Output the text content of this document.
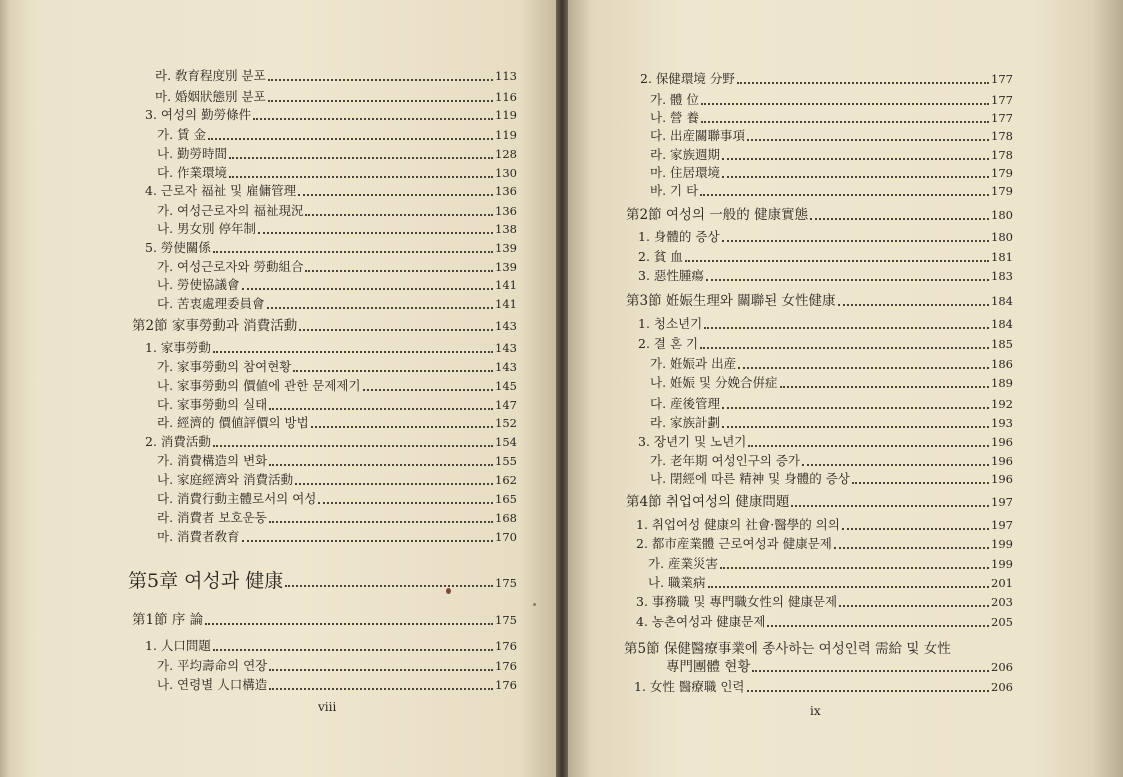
라. 敎育程度別 분포	113
마. 婚姻狀態別 분포	116
3. 여성의 勤勞條件	119
가. 賃 金	119
나. 勤勞時間	128
다. 作業環境	130
4. 근로자 福祉 및 雇傭管理	136
가. 여성근로자의 福祉現況	136
나. 男女別 停年制	138
5. 勞使關係	139
가. 여성근로자와 勞動組合	139
나. 勞使協議會	141
다. 苦衷處理委員會	141
第2節 家事勞動과 消費活動	143
1. 家事勞動	143
가. 家事勞動의 참여현황	143
나. 家事勞動의 價値에 관한 문제제기	145
다. 家事勞動의 실태	147
라. 經濟的 價値評價의 방법	152
2. 消費活動	154
가. 消費構造의 변화	155
나. 家庭經濟와 消費活動	162
다. 消費行動主體로서의 여성	165
라. 消費者 보호운동	168
마. 消費者敎育	170
第5章 여성과 健康	175
第1節 序 論	175
1. 人口問題	176
가. 平均壽命의 연장	176
나. 연령별 人口構造	176
viii
2. 保健環境 分野	177
가. 體 位	177
나. 營 養	177
다. 出産關聯事項	178
라. 家族週期	178
마. 住居環境	179
바. 기 타	179
第2節 여성의 一般的 健康實態	180
1. 身體的 증상	180
2. 貧 血	181
3. 惡性腫瘍	183
第3節 姙娠生理와 關聯된 女性健康	184
1. 청소년기	184
2. 결 혼 기	185
가. 姙娠과 出産	186
나. 姙娠 및 分娩合倂症	189
다. 産後管理	192
라. 家族計劃	193
3. 장년기 및 노년기	196
가. 老年期 여성인구의 증가	196
나. 閉經에 따른 精神 및 身體的 증상	196
第4節 취업여성의 健康問題	197
1. 취업여성 健康의 社會·醫學的 의의	197
2. 都市産業體 근로여성과 健康문제	199
가. 産業災害	199
나. 職業病	201
3. 事務職 및 專門職女性의 健康문제	203
4. 농촌여성과 健康문제	205
第5節 保健醫療事業에 종사하는 여성인력 需給 및 女性
專門團體 현황	206
1. 女性 醫療職 인력	206
ix
